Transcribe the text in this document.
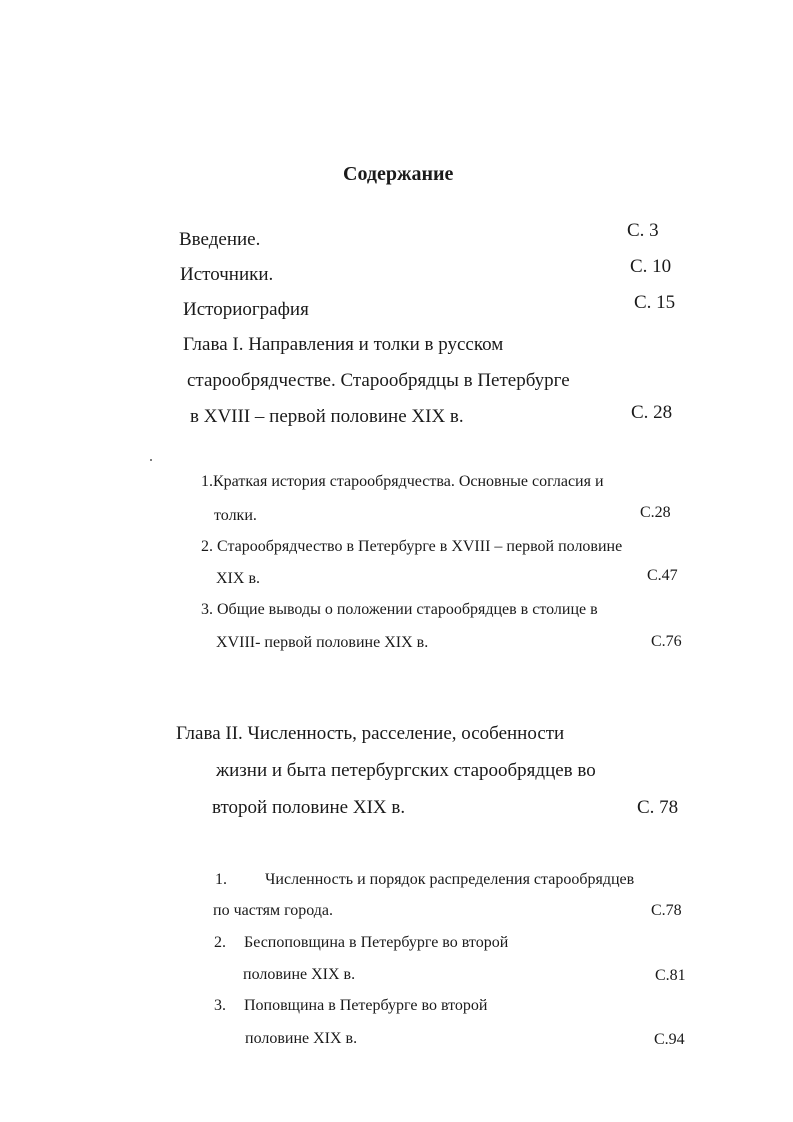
Содержание
Введение.	С. 3
Источники.	С. 10
Историография	С. 15
Глава I. Направления и толки в русском
старообрядчестве. Старообрядцы в Петербурге
в XVIII – первой половине XIX в.	С. 28
1.Краткая история старообрядчества. Основные согласия и
толки.	С.28
2. Старообрядчество в Петербурге в XVIII – первой половине
XIX в.	С.47
3. Общие выводы о положении старообрядцев в столице в
XVIII- первой половине XIX в.	С.76
Глава II. Численность, расселение, особенности
жизни и быта петербургских старообрядцев во
второй половине XIX в.	С. 78
1. Численность и порядок распределения старообрядцев
по частям города.	С.78
2. Беспоповщина в Петербурге во второй
половине XIX в.	С.81
3. Поповщина в Петербурге во второй
половине XIX в.	С.94
